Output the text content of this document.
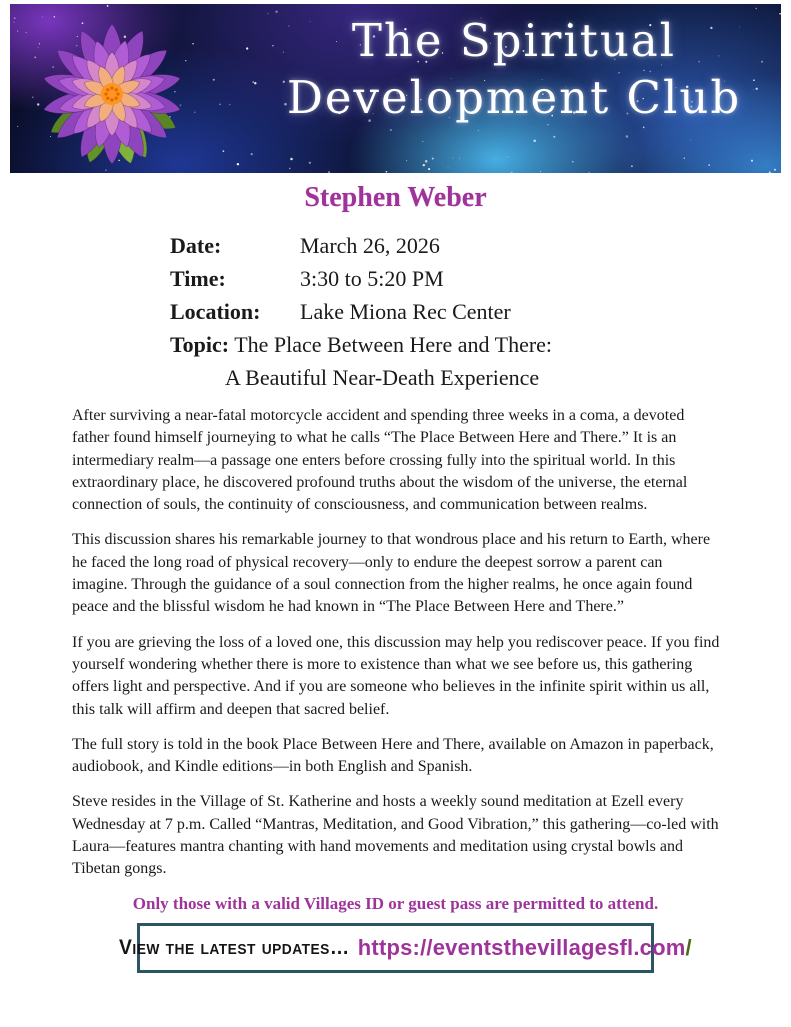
The Spiritual
Development Club
Stephen Weber
Date:	March 26, 2026
Time:	3:30 to 5:20 PM
Location:	Lake Miona Rec Center
Topic: The Place Between Here and There:
A Beautiful Near-Death Experience

After surviving a near-fatal motorcycle accident and spending three weeks in a coma, a devoted father found himself journeying to what he calls “The Place Between Here and There.” It is an intermediary realm—a passage one enters before crossing fully into the spiritual world. In this extraordinary place, he discovered profound truths about the wisdom of the universe, the eternal connection of souls, the continuity of consciousness, and communication between realms.

This discussion shares his remarkable journey to that wondrous place and his return to Earth, where he faced the long road of physical recovery—only to endure the deepest sorrow a parent can imagine. Through the guidance of a soul connection from the higher realms, he once again found peace and the blissful wisdom he had known in “The Place Between Here and There.”

If you are grieving the loss of a loved one, this discussion may help you rediscover peace. If you find yourself wondering whether there is more to existence than what we see before us, this gathering offers light and perspective. And if you are someone who believes in the infinite spirit within us all, this talk will affirm and deepen that sacred belief.

The full story is told in the book Place Between Here and There, available on Amazon in paperback, audiobook, and Kindle editions—in both English and Spanish.

Steve resides in the Village of St. Katherine and hosts a weekly sound meditation at Ezell every Wednesday at 7 p.m. Called “Mantras, Meditation, and Good Vibration,” this gathering—co-led with Laura—features mantra chanting with hand movements and meditation using crystal bowls and Tibetan gongs.

Only those with a valid Villages ID or guest pass are permitted to attend.
View the latest updates… https://eventsthevillagesfl.com/
